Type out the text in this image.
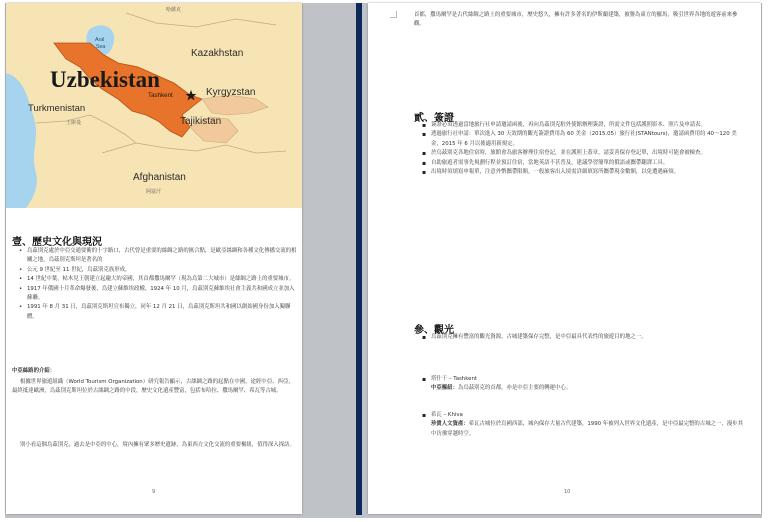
哈薩克
Kazakhstan
Aral
Sea
Uzbekistan
Turkmenistan
土庫曼
Tashkent	Kyrgyzstan
Tajikistan
Afghanistan
阿富汗
壹、歷史文化與現況
• 烏茲別克處於中亞交通要衝的十字路口，古代曾是重要的絲綢之路的匯合點，是歐亞絲綢和各種文化傳播交流的相關之地，烏茲別克斯坦是著名的
• 公元 9 世紀至 11 世紀，烏茲別克族形成。
• 14 世紀中葉，帖木兒王朝建立起龐大的帝國，其首都撒馬爾罕（現為烏第二大城市）是絲綢之路上的重要城市。
• 1917 年俄國十月革命爆發後，烏建立蘇維埃政權，1924 年 10 月，烏茲別克蘇維埃社會主義共和國成立並加入蘇聯。
• 1991 年 8 月 31 日，烏茲別克斯坦宣布獨立，同年 12 月 21 日，烏茲別克斯坦共和國以創始國身份加入獨聯體。
中亞絲路的介紹：
根據世界旅遊組織（World Tourism Organization）研究報告顯示，古絲綢之路的起點在中國，途經中亞、西亞，最終抵達歐洲，烏茲別克斯坦位於古絲綢之路的中段，歷史文化遺產豐富，包括布哈拉、撒馬爾罕、希瓦等古城。
別小看這個烏茲別克，過去是中亞的中心，境內擁有眾多歷史遺跡，為東西方文化交流的重要樞紐，值得深入探訪。
9
首都，撒馬爾罕是古代絲綢之路上的重要城市，歷史悠久，擁有許多著名的伊斯蘭建築，被譽為東方的羅馬，吸引世界各地的遊客前來參觀。
貳、簽證
▪ 簽證必須透過當地旅行社申請邀請函後，再向烏茲別克駐外使館辦理簽證，所需文件包括護照影本、照片及申請表。
▪ 透過旅行社申請：單次進入 30 天效期的觀光簽證費用為 60 美金（2015.05）旅行社(STANtours)，邀請函費用約 40～120 美金，2015 年 6 月以後適用新規定。
▪ 於烏茲別克各地住宿時，旅館會為旅客辦理住宿登記，並在護照上蓋章，請妥善保存登記單，出境時可能會被檢查。
▪ 自助旅遊者需事先規劃行程並預訂住宿，當地英語不甚普及，建議學習簡單的俄語或攜帶翻譯工具。
▪ 出境時須填寫申報單，注意外幣攜帶限額，一般旅客出入境需詳細填寫所攜帶現金數額，以免遭遇麻煩。
參、觀光
▪ 烏茲別克擁有豐富的觀光資源，古城建築保存完整，是中亞最具代表性的旅遊目的地之一。
▪ 塔什干 – Tashkent
中亞樞紐：為烏茲別克的首都，亦是中亞主要的轉運中心。
▪ 希瓦 – Khiva
珍貴人文資產：希瓦古城位於烏國西部，城內保存大量古代建築，1990 年被列入世界文化遺產，是中亞最完整的古城之一，漫步其中彷彿穿越時空。
10
